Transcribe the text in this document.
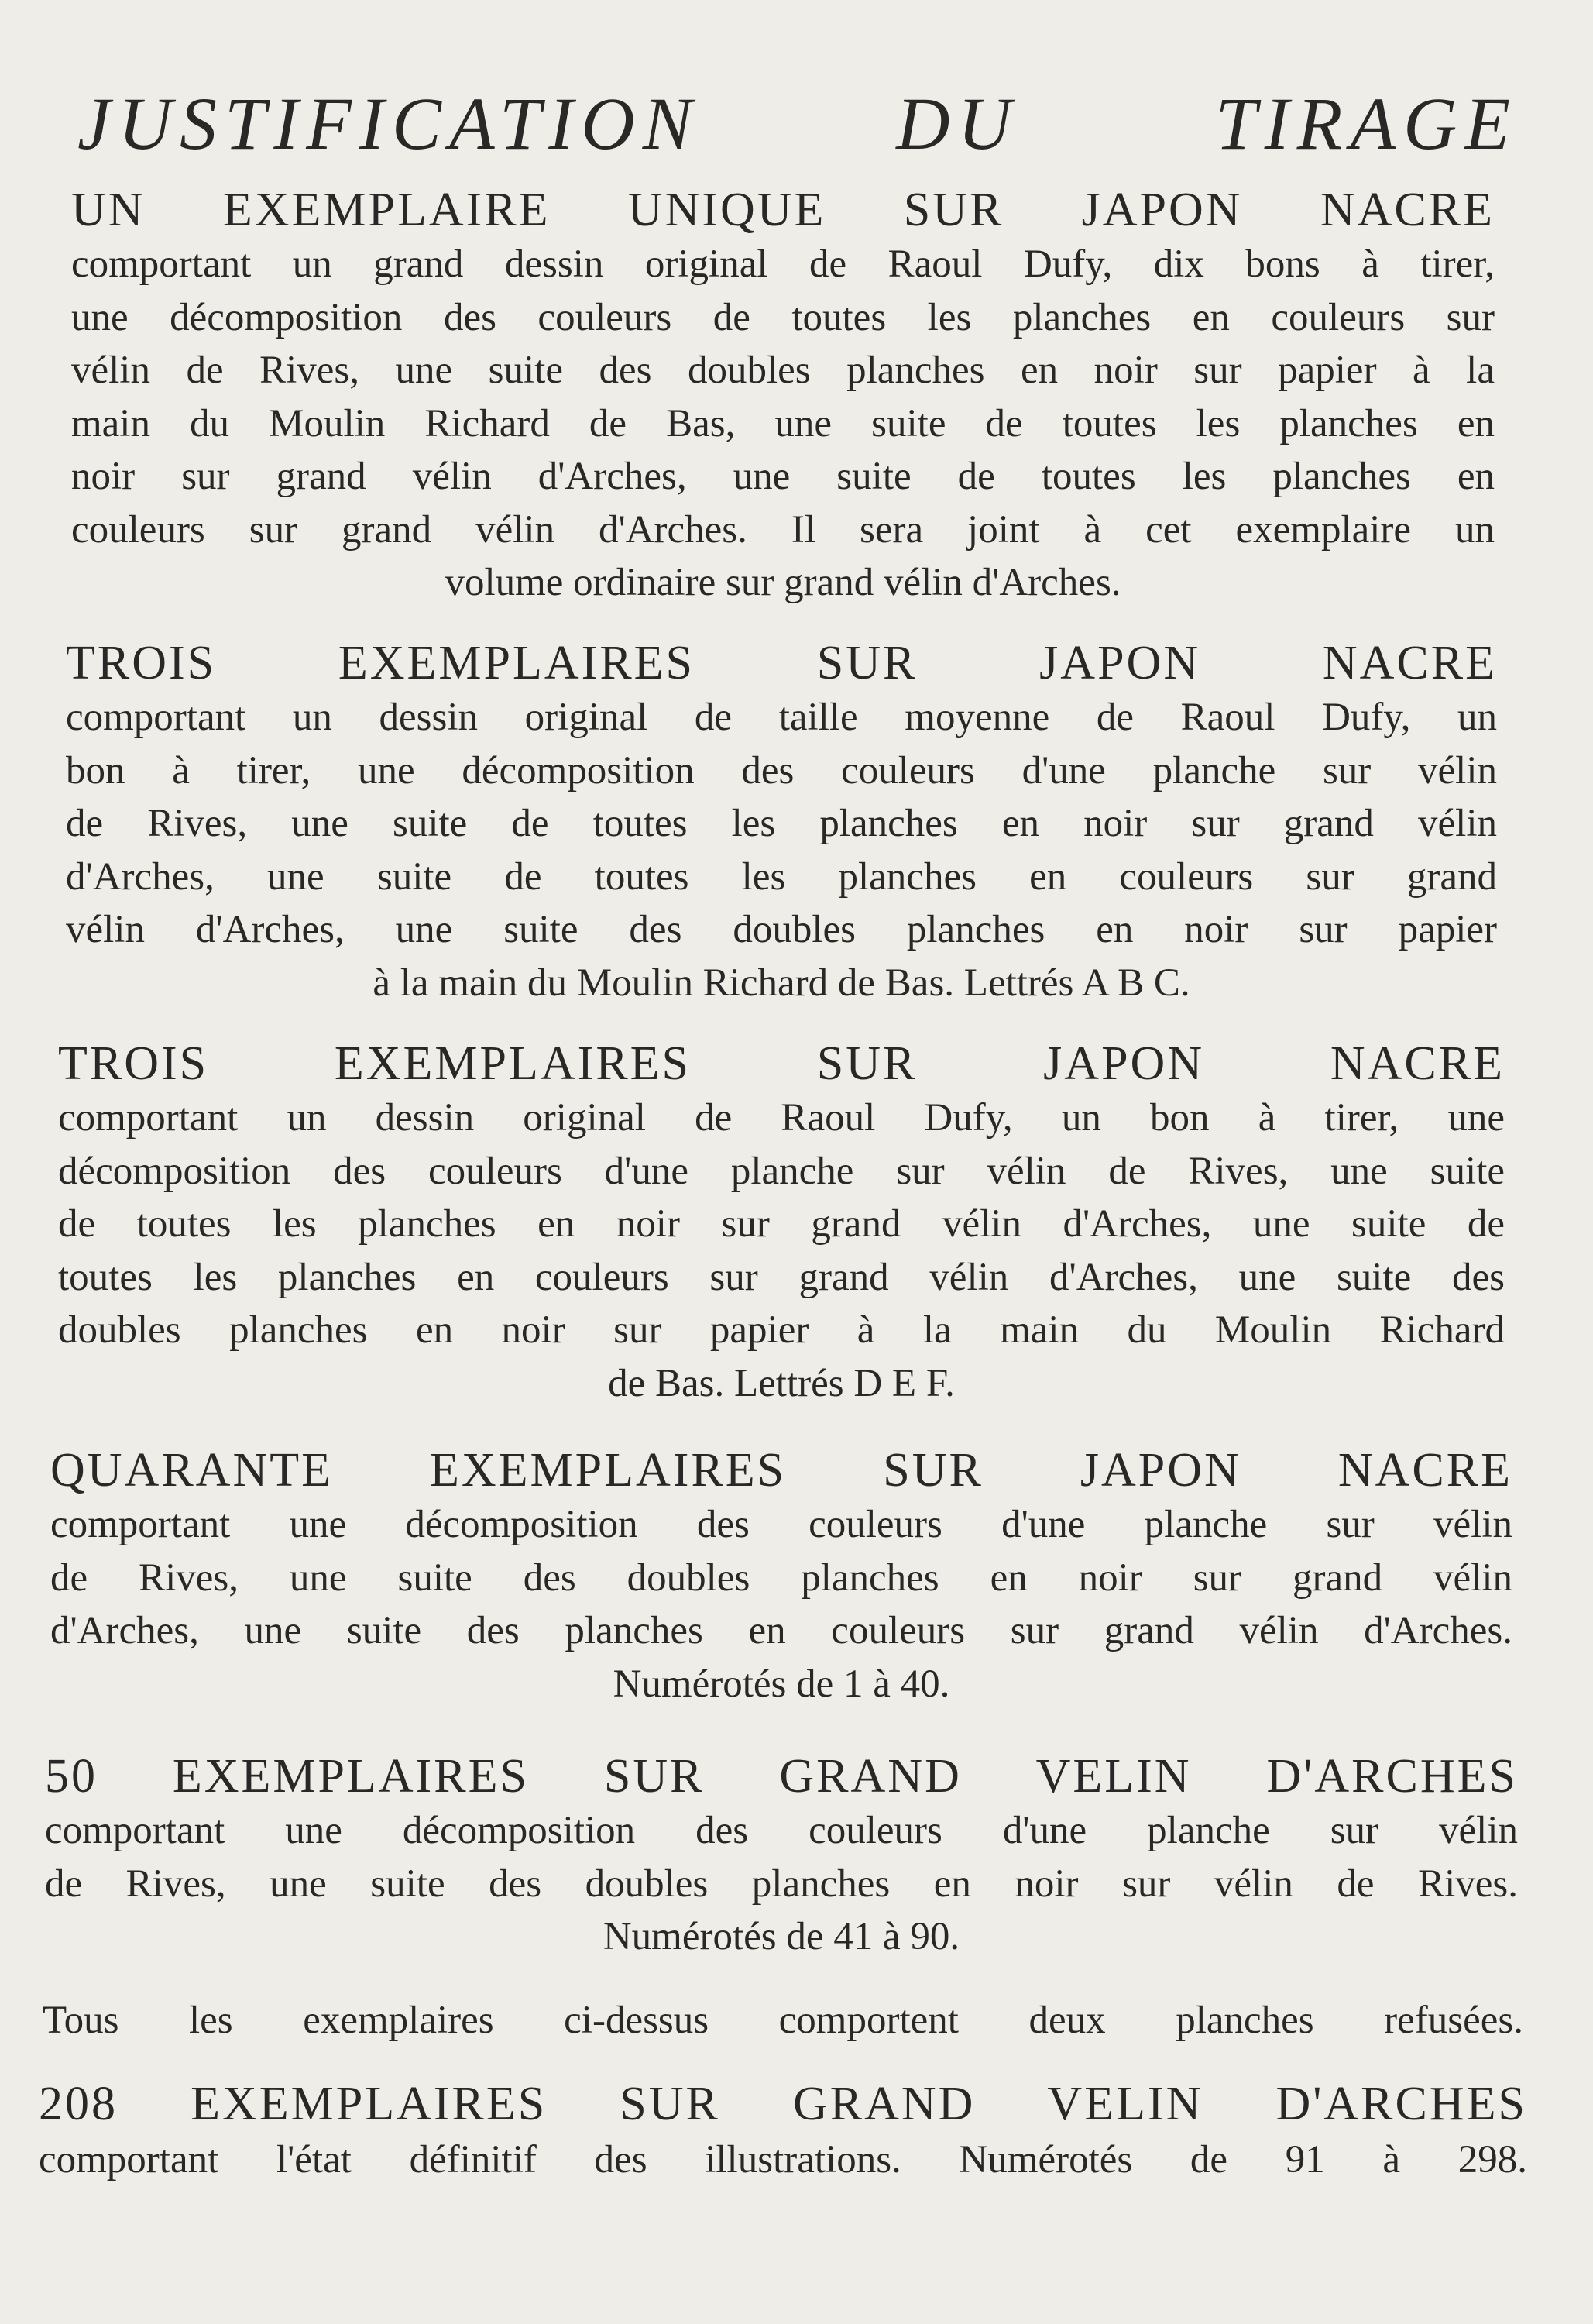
JUSTIFICATION DU TIRAGE
UN EXEMPLAIRE UNIQUE SUR JAPON NACRE
comportant un grand dessin original de Raoul Dufy, dix bons à tirer,
une décomposition des couleurs de toutes les planches en couleurs sur
vélin de Rives, une suite des doubles planches en noir sur papier à la
main du Moulin Richard de Bas, une suite de toutes les planches en
noir sur grand vélin d'Arches, une suite de toutes les planches en
couleurs sur grand vélin d'Arches. Il sera joint à cet exemplaire un
volume ordinaire sur grand vélin d'Arches.
TROIS EXEMPLAIRES SUR JAPON NACRE
comportant un dessin original de taille moyenne de Raoul Dufy, un
bon à tirer, une décomposition des couleurs d'une planche sur vélin
de Rives, une suite de toutes les planches en noir sur grand vélin
d'Arches, une suite de toutes les planches en couleurs sur grand
vélin d'Arches, une suite des doubles planches en noir sur papier
à la main du Moulin Richard de Bas. Lettrés A B C.
TROIS EXEMPLAIRES SUR JAPON NACRE
comportant un dessin original de Raoul Dufy, un bon à tirer, une
décomposition des couleurs d'une planche sur vélin de Rives, une suite
de toutes les planches en noir sur grand vélin d'Arches, une suite de
toutes les planches en couleurs sur grand vélin d'Arches, une suite des
doubles planches en noir sur papier à la main du Moulin Richard
de Bas. Lettrés D E F.
QUARANTE EXEMPLAIRES SUR JAPON NACRE
comportant une décomposition des couleurs d'une planche sur vélin
de Rives, une suite des doubles planches en noir sur grand vélin
d'Arches, une suite des planches en couleurs sur grand vélin d'Arches.
Numérotés de 1 à 40.
50 EXEMPLAIRES SUR GRAND VELIN D'ARCHES
comportant une décomposition des couleurs d'une planche sur vélin
de Rives, une suite des doubles planches en noir sur vélin de Rives.
Numérotés de 41 à 90.
Tous les exemplaires ci-dessus comportent deux planches refusées.
208 EXEMPLAIRES SUR GRAND VELIN D'ARCHES
comportant l'état définitif des illustrations. Numérotés de 91 à 298.
